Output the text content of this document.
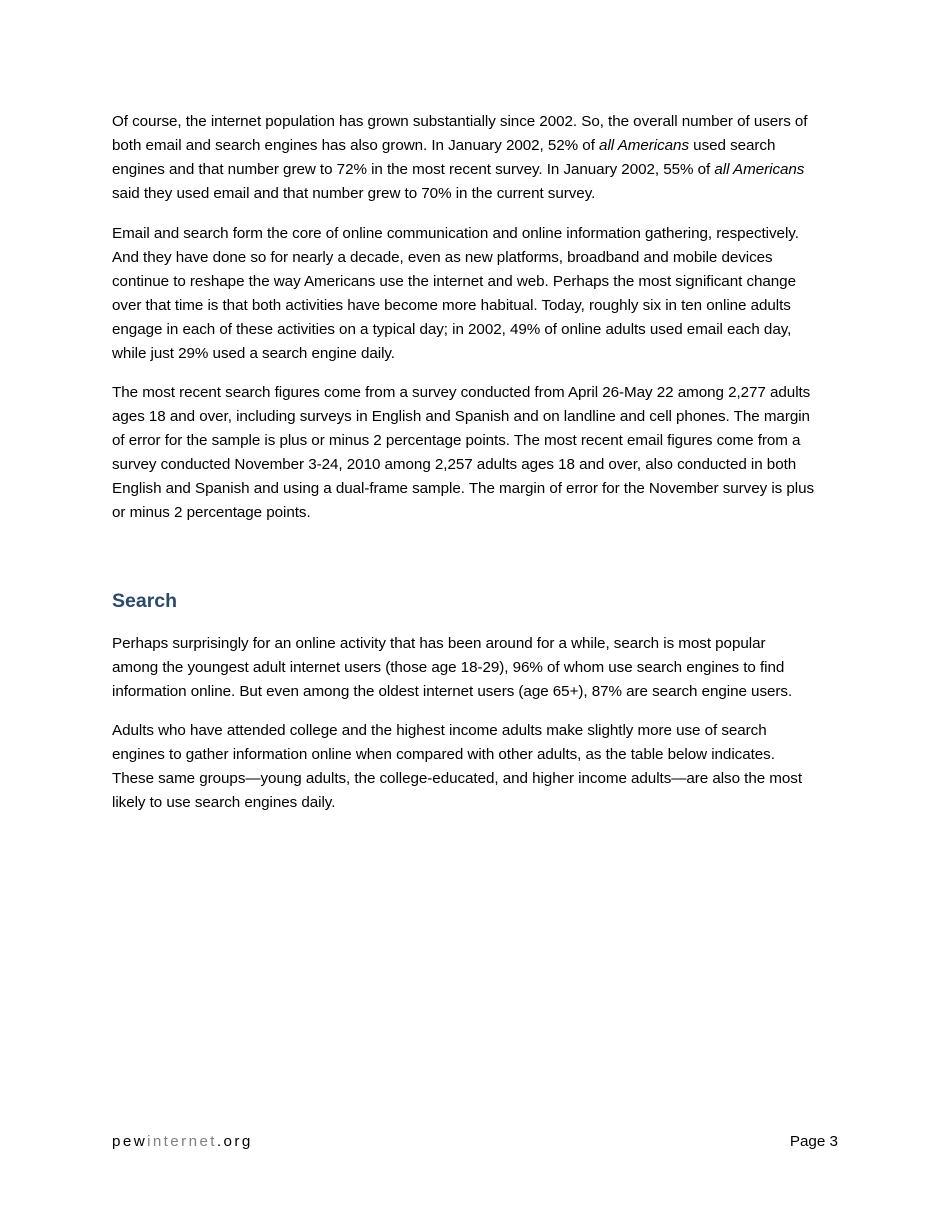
Of course, the internet population has grown substantially since 2002. So, the overall number of users of
both email and search engines has also grown. In January 2002, 52% of all Americans used search
engines and that number grew to 72% in the most recent survey. In January 2002, 55% of all Americans
said they used email and that number grew to 70% in the current survey.
Email and search form the core of online communication and online information gathering, respectively.
And they have done so for nearly a decade, even as new platforms, broadband and mobile devices
continue to reshape the way Americans use the internet and web. Perhaps the most significant change
over that time is that both activities have become more habitual. Today, roughly six in ten online adults
engage in each of these activities on a typical day; in 2002, 49% of online adults used email each day,
while just 29% used a search engine daily.
The most recent search figures come from a survey conducted from April 26-May 22 among 2,277 adults
ages 18 and over, including surveys in English and Spanish and on landline and cell phones. The margin
of error for the sample is plus or minus 2 percentage points. The most recent email figures come from a
survey conducted November 3-24, 2010 among 2,257 adults ages 18 and over, also conducted in both
English and Spanish and using a dual-frame sample. The margin of error for the November survey is plus
or minus 2 percentage points.
Search
Perhaps surprisingly for an online activity that has been around for a while, search is most popular
among the youngest adult internet users (those age 18-29), 96% of whom use search engines to find
information online. But even among the oldest internet users (age 65+), 87% are search engine users.
Adults who have attended college and the highest income adults make slightly more use of search
engines to gather information online when compared with other adults, as the table below indicates.
These same groups—young adults, the college-educated, and higher income adults—are also the most
likely to use search engines daily.
pewinternet.org	Page 3
